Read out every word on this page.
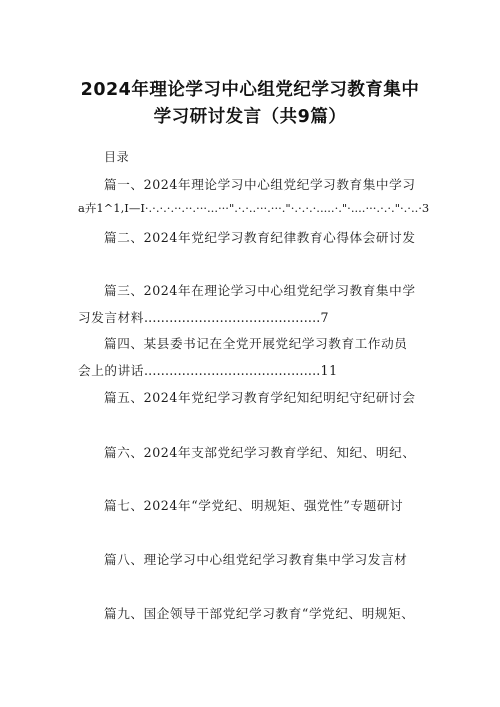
2024年理论学习中心组党纪学习教育集中
学习研讨发言（共9篇）
目录
篇一、2024年理论学习中心组党纪学习教育集中学习
a卉1^1,I—I·.·.·.·.··.··.···...···".·.·..···.···."·.·.·.·.....·."·....···.·.·."·.·..·3
篇二、2024年党纪学习教育纪律教育心得体会研讨发
篇三、2024年在理论学习中心组党纪学习教育集中学
习发言材料..........................................7
篇四、某县委书记在全党开展党纪学习教育工作动员
会上的讲话..........................................11
篇五、2024年党纪学习教育学纪知纪明纪守纪研讨会
篇六、2024年支部党纪学习教育学纪、知纪、明纪、
篇七、2024年“学党纪、明规矩、强党性”专题研讨
篇八、理论学习中心组党纪学习教育集中学习发言材
篇九、国企领导干部党纪学习教育“学党纪、明规矩、
